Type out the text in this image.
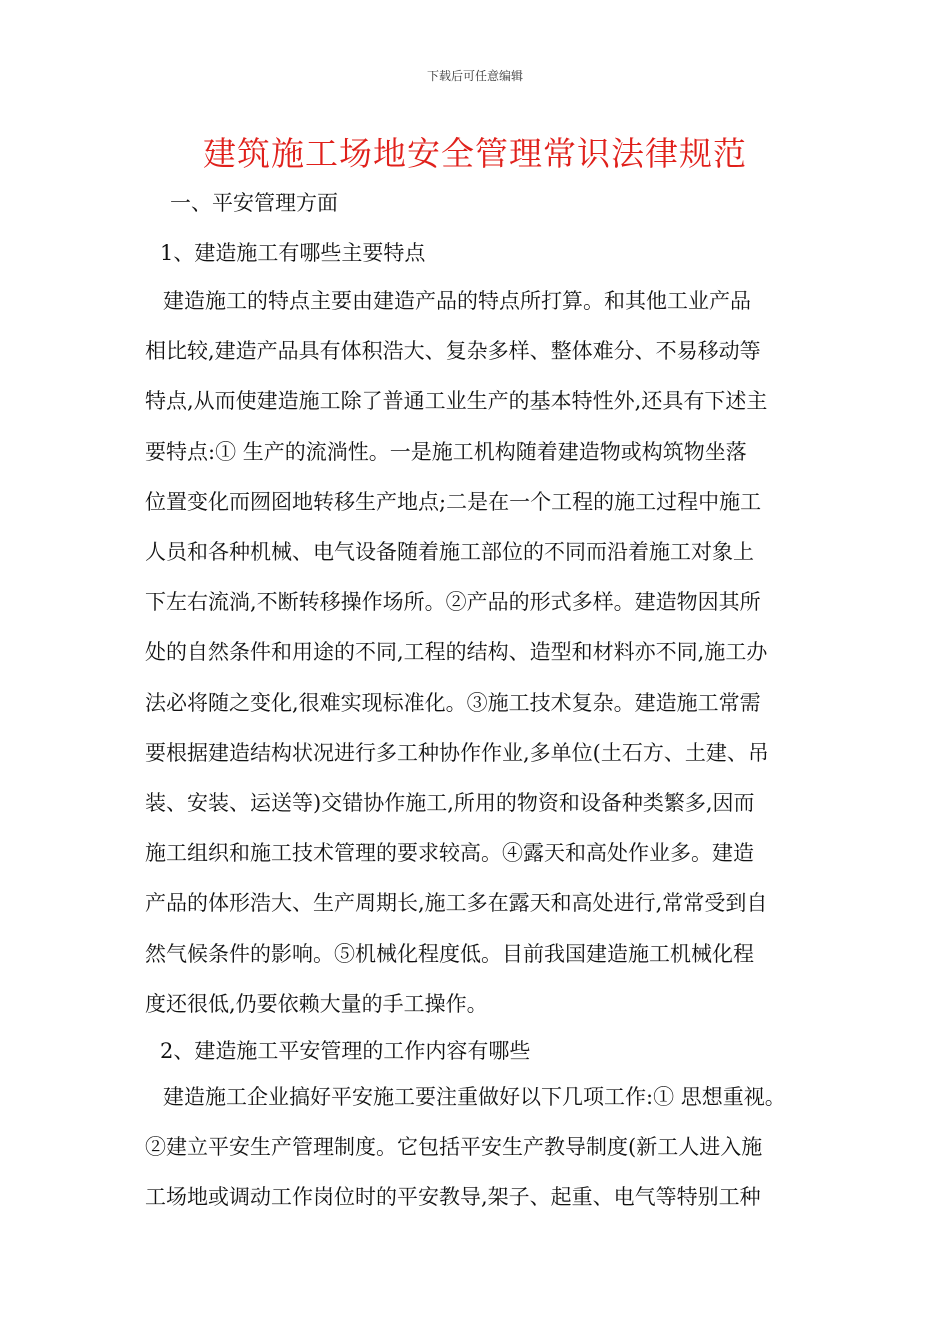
下载后可任意编辑
建筑施工场地安全管理常识法律规范
一、平安管理方面
1、建造施工有哪些主要特点
建造施工的特点主要由建造产品的特点所打算。和其他工业产品
相比较,建造产品具有体积浩大、复杂多样、整体难分、不易移动等
特点,从而使建造施工除了普通工业生产的基本特性外,还具有下述主
要特点:① 生产的流淌性。一是施工机构随着建造物或构筑物坐落
位置变化而囫囵地转移生产地点;二是在一个工程的施工过程中施工
人员和各种机械、电气设备随着施工部位的不同而沿着施工对象上
下左右流淌,不断转移操作场所。②产品的形式多样。建造物因其所
处的自然条件和用途的不同,工程的结构、造型和材料亦不同,施工办
法必将随之变化,很难实现标准化。③施工技术复杂。建造施工常需
要根据建造结构状况进行多工种协作作业,多单位(土石方、土建、吊
装、安装、运送等)交错协作施工,所用的物资和设备种类繁多,因而
施工组织和施工技术管理的要求较高。④露天和高处作业多。建造
产品的体形浩大、生产周期长,施工多在露天和高处进行,常常受到自
然气候条件的影响。⑤机械化程度低。目前我国建造施工机械化程
度还很低,仍要依赖大量的手工操作。
2、建造施工平安管理的工作内容有哪些
建造施工企业搞好平安施工要注重做好以下几项工作:① 思想重视。
②建立平安生产管理制度。它包括平安生产教导制度(新工人进入施
工场地或调动工作岗位时的平安教导,架子、起重、电气等特别工种
